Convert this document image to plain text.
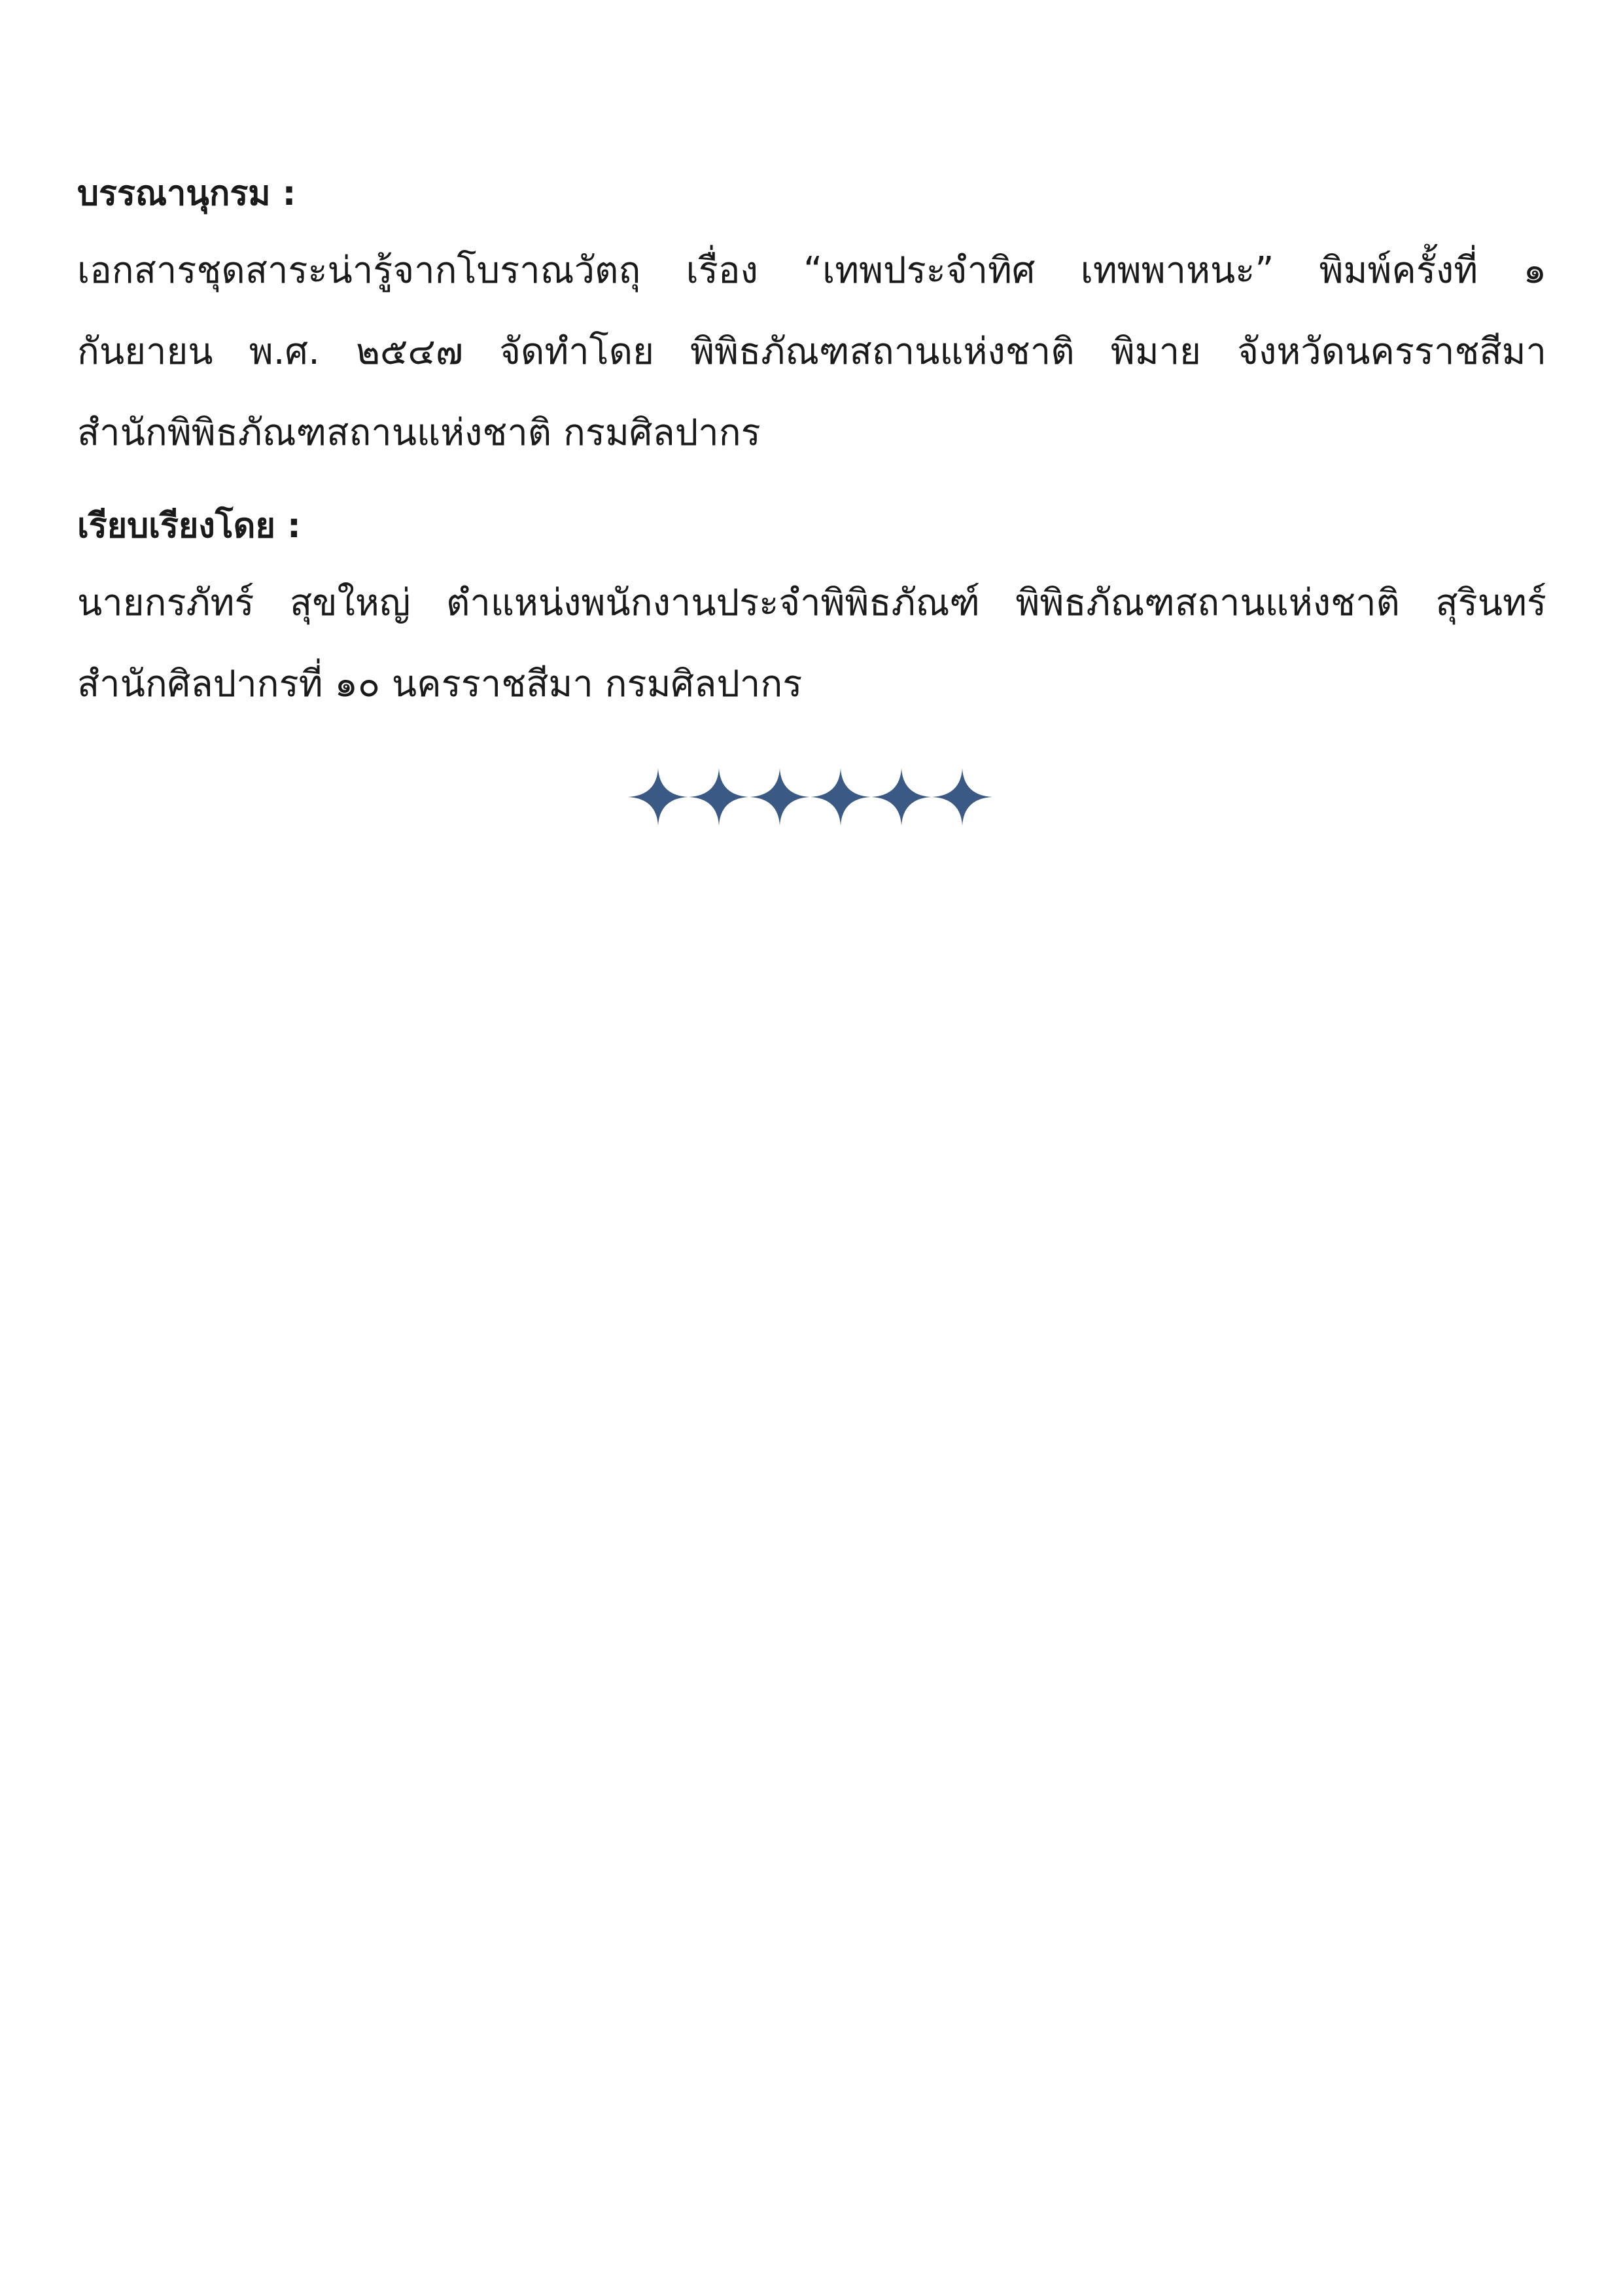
บรรณานุกรม :

เอกสารชุดสาระน่ารู้จากโบราณวัตถุ เรื่อง “เทพประจำทิศ เทพพาหนะ” พิมพ์ครั้งที่ ๑

กันยายน พ.ศ. ๒๕๔๗ จัดทำโดย พิพิธภัณฑสถานแห่งชาติ พิมาย จังหวัดนครราชสีมา

สำนักพิพิธภัณฑสถานแห่งชาติ กรมศิลปากร

เรียบเรียงโดย :

นายกรภัทร์ สุขใหญ่ ตำแหน่งพนักงานประจำพิพิธภัณฑ์ พิพิธภัณฑสถานแห่งชาติ สุรินทร์

สำนักศิลปากรที่ ๑๐ นครราชสีมา กรมศิลปากร
